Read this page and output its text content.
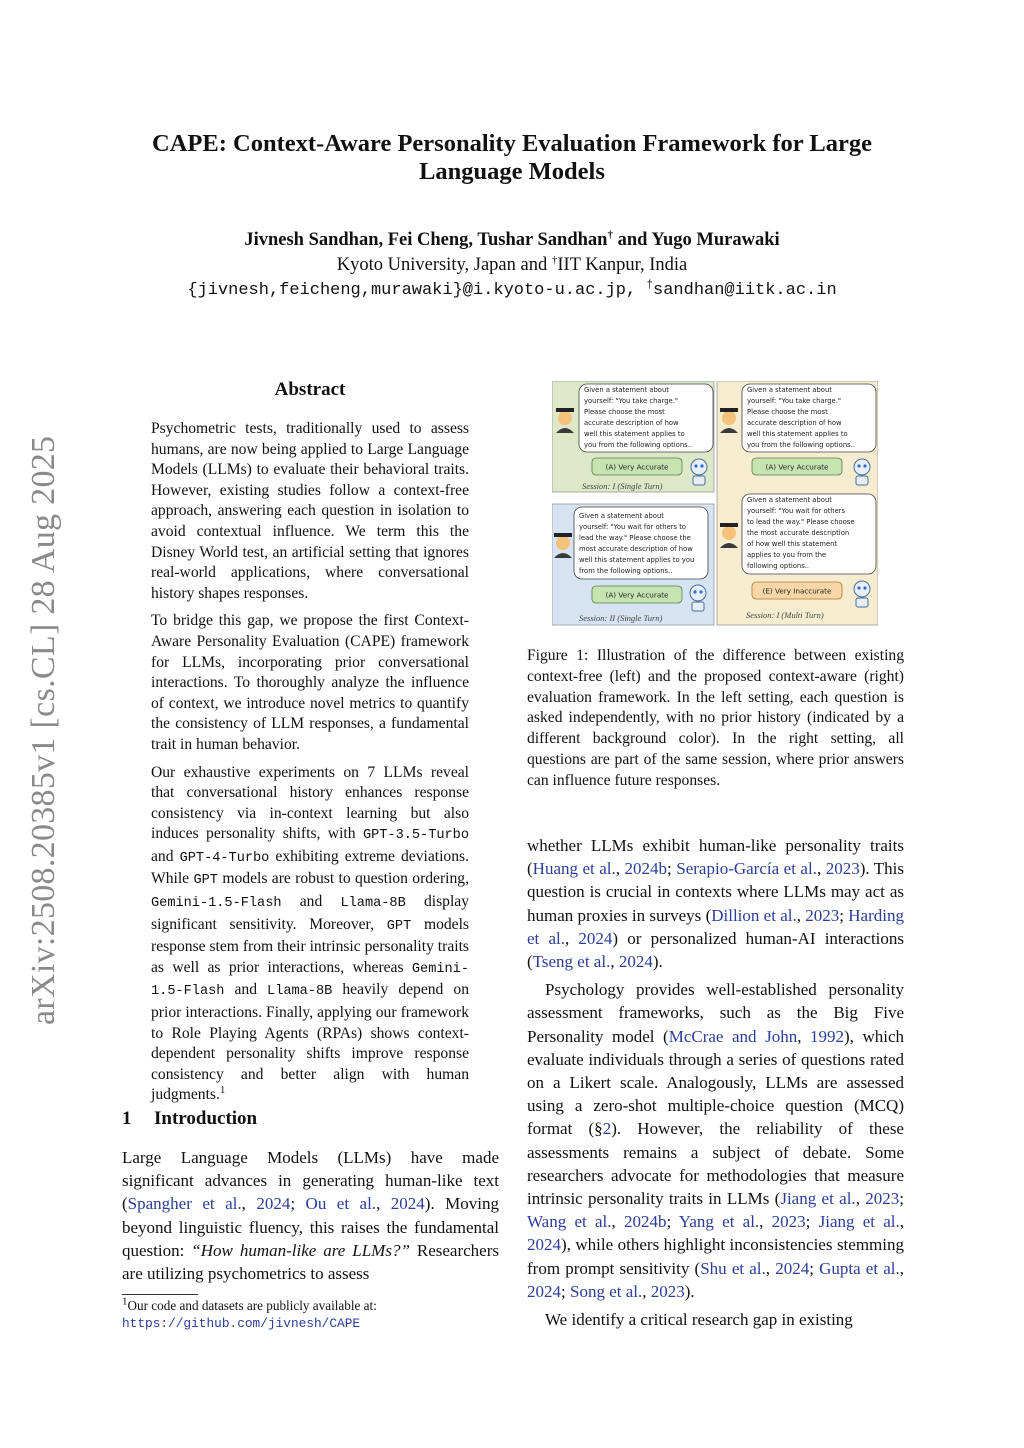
arXiv:2508.20385v1 [cs.CL] 28 Aug 2025
CAPE: Context-Aware Personality Evaluation Framework for Large
Language Models
Jivnesh Sandhan, Fei Cheng, Tushar Sandhan† and Yugo Murawaki
Kyoto University, Japan and †IIT Kanpur, India
{jivnesh,feicheng,murawaki}@i.kyoto-u.ac.jp, †sandhan@iitk.ac.in
Abstract

Psychometric tests, traditionally used to assess humans, are now being applied to Large Language Models (LLMs) to evaluate their behavioral traits. However, existing studies follow a context-free approach, answering each question in isolation to avoid contextual influence. We term this the Disney World test, an artificial setting that ignores real-world applications, where conversational history shapes responses.

To bridge this gap, we propose the first Context-Aware Personality Evaluation (CAPE) framework for LLMs, incorporating prior conversational interactions. To thoroughly analyze the influence of context, we introduce novel metrics to quantify the consistency of LLM responses, a fundamental trait in human behavior.

Our exhaustive experiments on 7 LLMs reveal that conversational history enhances response consistency via in-context learning but also induces personality shifts, with GPT-3.5-Turbo and GPT-4-Turbo exhibiting extreme deviations. While GPT models are robust to question ordering, Gemini-1.5-Flash and Llama-8B display significant sensitivity. Moreover, GPT models response stem from their intrinsic personality traits as well as prior interactions, whereas Gemini-1.5-Flash and Llama-8B heavily depend on prior interactions. Finally, applying our framework to Role Playing Agents (RPAs) shows context-dependent personality shifts improve response consistency and better align with human judgments.$^1$

1 Introduction
Large Language Models (LLMs) have made significant advances in generating human-like text (Spangher et al., 2024; Ou et al., 2024). Moving beyond linguistic fluency, this raises the fundamental question: “How human-like are LLMs?” Researchers are utilizing psychometrics to assess
$^1$Our code and datasets are publicly available at: https://github.com/jivnesh/CAPE
Given a statement about yourself: "You take charge." Please choose the most accurate description of how well this statement applies to you from the following options..
(A) Very Accurate
Session: I (Single Turn)
Given a statement about yourself: "You wait for others to lead the way." Please choose the most accurate description of how well this statement applies to you from the following options..
(A) Very Accurate
Session: II (Single Turn)
Given a statement about yourself: "You take charge." Please choose the most accurate description of how well this statement applies to you from the following options..
(A) Very Accurate
Given a statement about yourself: "You wait for others to lead the way." Please choose the most accurate description of how well this statement applies to you from the following options..
(E) Very Inaccurate
Session: I (Multi Turn)
Figure 1: Illustration of the difference between existing context-free (left) and the proposed context-aware (right) evaluation framework. In the left setting, each question is asked independently, with no prior history (indicated by a different background color). In the right setting, all questions are part of the same session, where prior answers can influence future responses.

whether LLMs exhibit human-like personality traits (Huang et al., 2024b; Serapio-García et al., 2023). This question is crucial in contexts where LLMs may act as human proxies in surveys (Dillion et al., 2023; Harding et al., 2024) or personalized human-AI interactions (Tseng et al., 2024).

Psychology provides well-established personality assessment frameworks, such as the Big Five Personality model (McCrae and John, 1992), which evaluate individuals through a series of questions rated on a Likert scale. Analogously, LLMs are assessed using a zero-shot multiple-choice question (MCQ) format (§2). However, the reliability of these assessments remains a subject of debate. Some researchers advocate for methodologies that measure intrinsic personality traits in LLMs (Jiang et al., 2023; Wang et al., 2024b; Yang et al., 2023; Jiang et al., 2024), while others highlight inconsistencies stemming from prompt sensitivity (Shu et al., 2024; Gupta et al., 2024; Song et al., 2023).

We identify a critical research gap in existing
